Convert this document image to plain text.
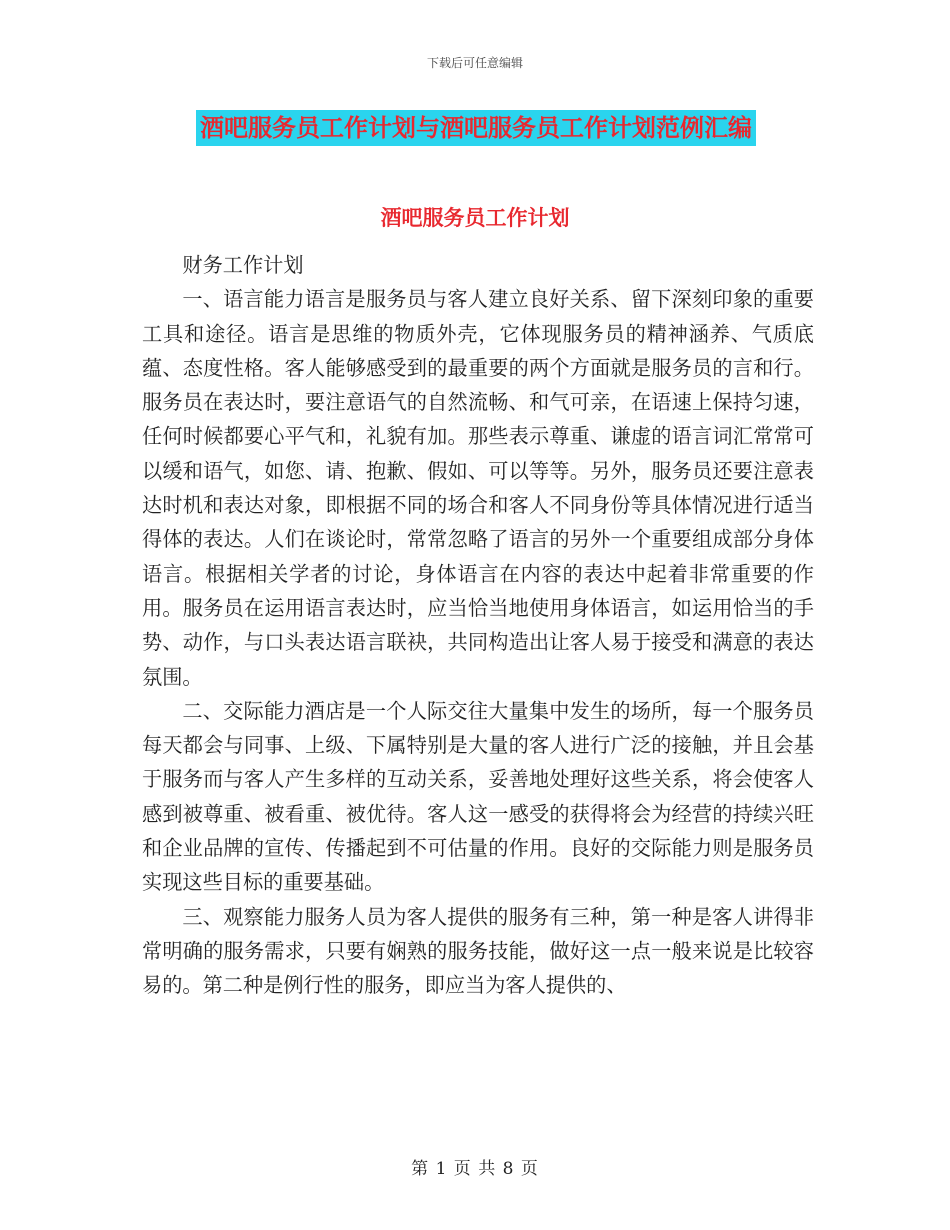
下载后可任意编辑
酒吧服务员工作计划与酒吧服务员工作计划范例汇编
酒吧服务员工作计划

财务工作计划

一、语言能力语言是服务员与客人建立良好关系、留下深刻印象的重要工具和途径。语言是思维的物质外壳，它体现服务员的精神涵养、气质底蕴、态度性格。客人能够感受到的最重要的两个方面就是服务员的言和行。服务员在表达时，要注意语气的自然流畅、和气可亲，在语速上保持匀速，任何时候都要心平气和，礼貌有加。那些表示尊重、谦虚的语言词汇常常可以缓和语气，如您、请、抱歉、假如、可以等等。另外，服务员还要注意表达时机和表达对象，即根据不同的场合和客人不同身份等具体情况进行适当得体的表达。人们在谈论时，常常忽略了语言的另外一个重要组成部分身体语言。根据相关学者的讨论，身体语言在内容的表达中起着非常重要的作用。服务员在运用语言表达时，应当恰当地使用身体语言，如运用恰当的手势、动作，与口头表达语言联袂，共同构造出让客人易于接受和满意的表达氛围。

二、交际能力酒店是一个人际交往大量集中发生的场所，每一个服务员每天都会与同事、上级、下属特别是大量的客人进行广泛的接触，并且会基于服务而与客人产生多样的互动关系，妥善地处理好这些关系，将会使客人感到被尊重、被看重、被优待。客人这一感受的获得将会为经营的持续兴旺和企业品牌的宣传、传播起到不可估量的作用。良好的交际能力则是服务员实现这些目标的重要基础。

三、观察能力服务人员为客人提供的服务有三种，第一种是客人讲得非常明确的服务需求，只要有娴熟的服务技能，做好这一点一般来说是比较容易的。第二种是例行性的服务，即应当为客人提供的、

第 1 页 共 8 页
